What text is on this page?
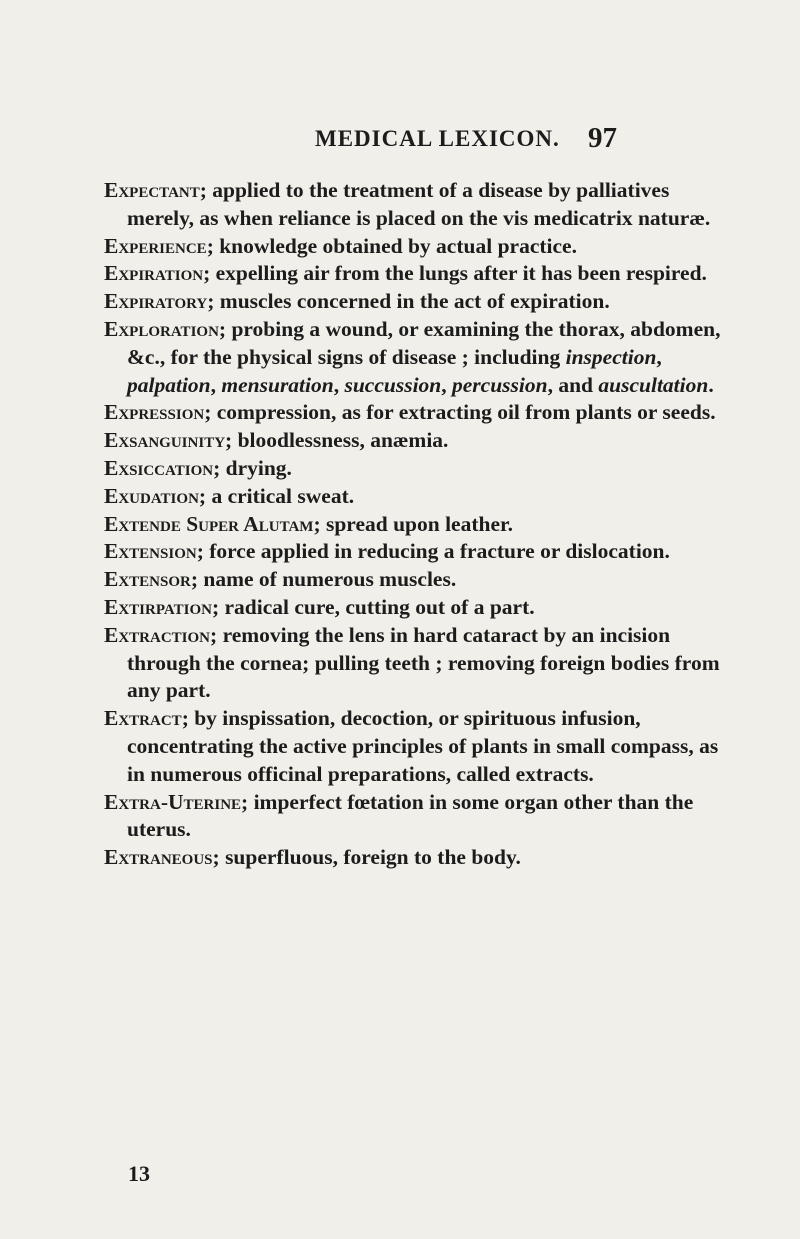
MEDICAL LEXICON. 97

Expectant; applied to the treatment of a disease by palliatives merely, as when reliance is placed on the vis medicatrix naturæ.

Experience; knowledge obtained by actual practice.

Expiration; expelling air from the lungs after it has been respired.

Expiratory; muscles concerned in the act of expiration.

Exploration; probing a wound, or examining the thorax, abdomen, &c., for the physical signs of disease ; including inspection, palpation, mensuration, succussion, percussion, and auscultation.

Expression; compression, as for extracting oil from plants or seeds.

Exsanguinity; bloodlessness, anæmia.

Exsiccation; drying.

Exudation; a critical sweat.

Extende Super Alutam; spread upon leather.

Extension; force applied in reducing a fracture or dislocation.

Extensor; name of numerous muscles.

Extirpation; radical cure, cutting out of a part.

Extraction; removing the lens in hard cataract by an incision through the cornea; pulling teeth ; removing foreign bodies from any part.

Extract; by inspissation, decoction, or spirituous infusion, concentrating the active principles of plants in small compass, as in numerous officinal preparations, called extracts.

Extra-Uterine; imperfect fœtation in some organ other than the uterus.

Extraneous; superfluous, foreign to the body.

13
